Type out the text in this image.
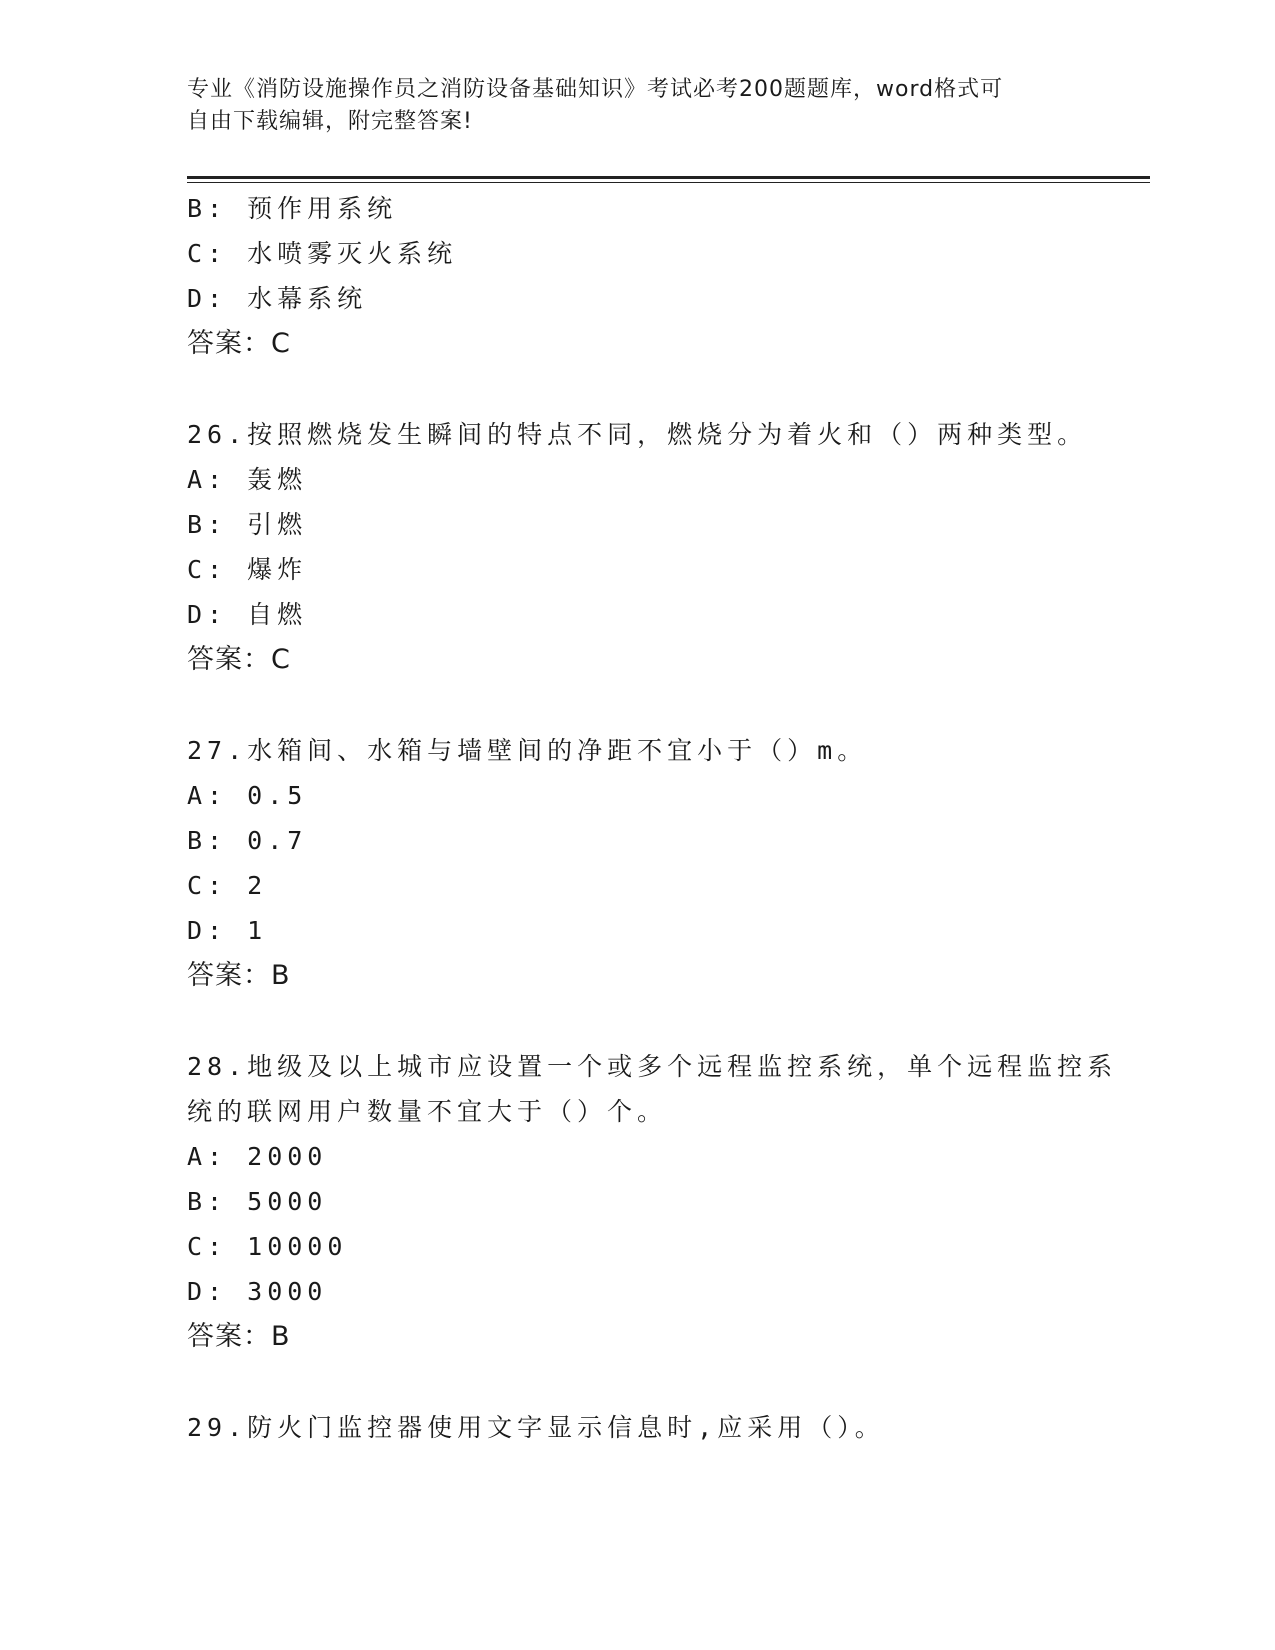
专业《消防设施操作员之消防设备基础知识》考试必考200题题库，word格式可
自由下载编辑，附完整答案!
B: 预作用系统
C: 水喷雾灭火系统
D: 水幕系统
答案：C
26.按照燃烧发生瞬间的特点不同，燃烧分为着火和（）两种类型。
A: 轰燃
B: 引燃
C: 爆炸
D: 自燃
答案：C
27.水箱间、水箱与墙壁间的净距不宜小于（）m。
A: 0.5
B: 0.7
C: 2
D: 1
答案：B
28.地级及以上城市应设置一个或多个远程监控系统，单个远程监控系
统的联网用户数量不宜大于（）个。
A: 2000
B: 5000
C: 10000
D: 3000
答案：B
29.防火门监控器使用文字显示信息时,应采用（）。
